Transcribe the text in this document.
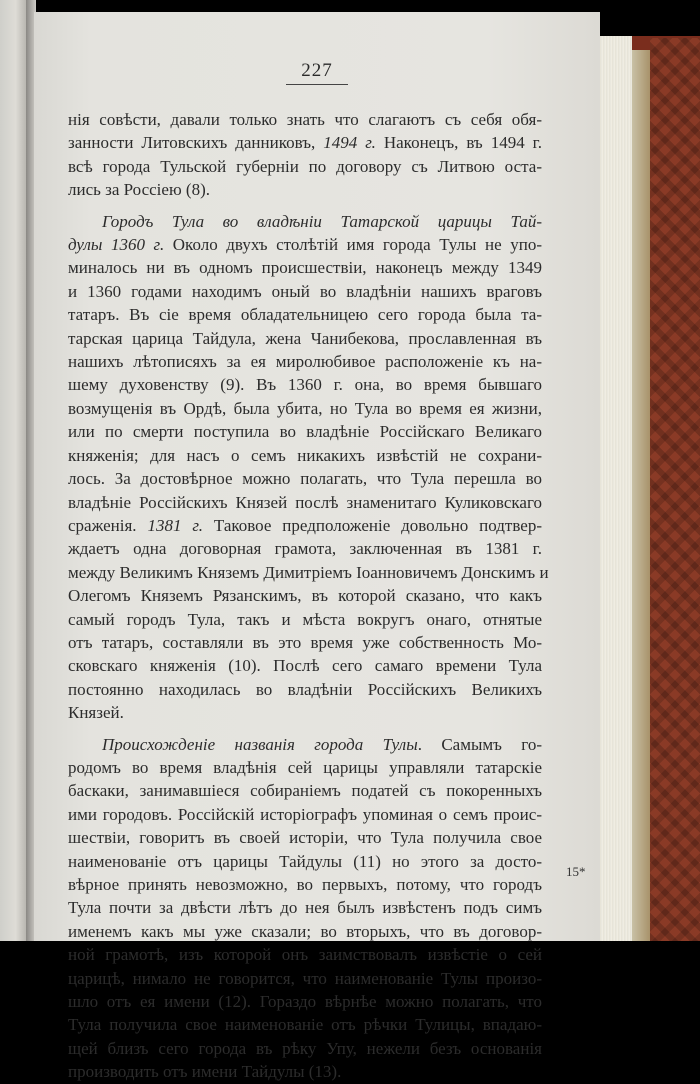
227
нія совѣсти, давали только знать что слагаютъ съ себя обя-
занности Литовскихъ данниковъ, 1494 г. Наконецъ, въ 1494 г.
всѣ города Тульской губерніи по договору съ Литвою оста-
лись за Россіею (8).
Городъ Тула во владѣніи Татарской царицы Тай-
дулы 1360 г. Около двухъ столѣтій имя города Тулы не упо-
миналось ни въ одномъ происшествіи, наконецъ между 1349
и 1360 годами находимъ оный во владѣніи нашихъ враговъ
татаръ. Въ сіе время обладательницею сего города была та-
тарская царица Тайдула, жена Чанибекова, прославленная въ
нашихъ лѣтописяхъ за ея миролюбивое расположеніе къ на-
шему духовенству (9). Въ 1360 г. она, во время бывшаго
возмущенія въ Ордѣ, была убита, но Тула во время ея жизни,
или по смерти поступила во владѣніе Россійскаго Великаго
княженія; для насъ о семъ никакихъ извѣстій не сохрани-
лось. За достовѣрное можно полагать, что Тула перешла во
владѣніе Россійскихъ Князей послѣ знаменитаго Куликовскаго
сраженія. 1381 г. Таковое предположеніе довольно подтвер-
ждаетъ одна договорная грамота, заключенная въ 1381 г.
между Великимъ Княземъ Димитріемъ Іоанновичемъ Донскимъ и
Олегомъ Княземъ Рязанскимъ, въ которой сказано, что какъ
самый городъ Тула, такъ и мѣста вокругъ онаго, отнятые
отъ татаръ, составляли въ это время уже собственность Мо-
сковскаго княженія (10). Послѣ сего самаго времени Тула
постоянно находилась во владѣніи Россійскихъ Великихъ
Князей.
Происхожденіе названія города Тулы. Самымъ го-
родомъ во время владѣнія сей царицы управляли татарскіе
баскаки, занимавшіеся собираніемъ податей съ покоренныхъ
ими городовъ. Россійскій исторіографъ упоминая о семъ проис-
шествіи, говоритъ въ своей исторіи, что Тула получила свое
наименованіе отъ царицы Тайдулы (11) но этого за досто-
вѣрное принять невозможно, во первыхъ, потому, что городъ
Тула почти за двѣсти лѣтъ до нея былъ извѣстенъ подъ симъ
именемъ какъ мы уже сказали; во вторыхъ, что въ договор-
ной грамотѣ, изъ которой онъ заимствовалъ извѣстіе о сей
царицѣ, нимало не говорится, что наименованіе Тулы произо-
шло отъ ея имени (12). Гораздо вѣрнѣе можно полагать, что
Тула получила свое наименованіе отъ рѣчки Тулицы, впадаю-
щей близъ сего города въ рѣку Упу, нежели безъ основанія
производить отъ имени Тайдулы (13).
15*
